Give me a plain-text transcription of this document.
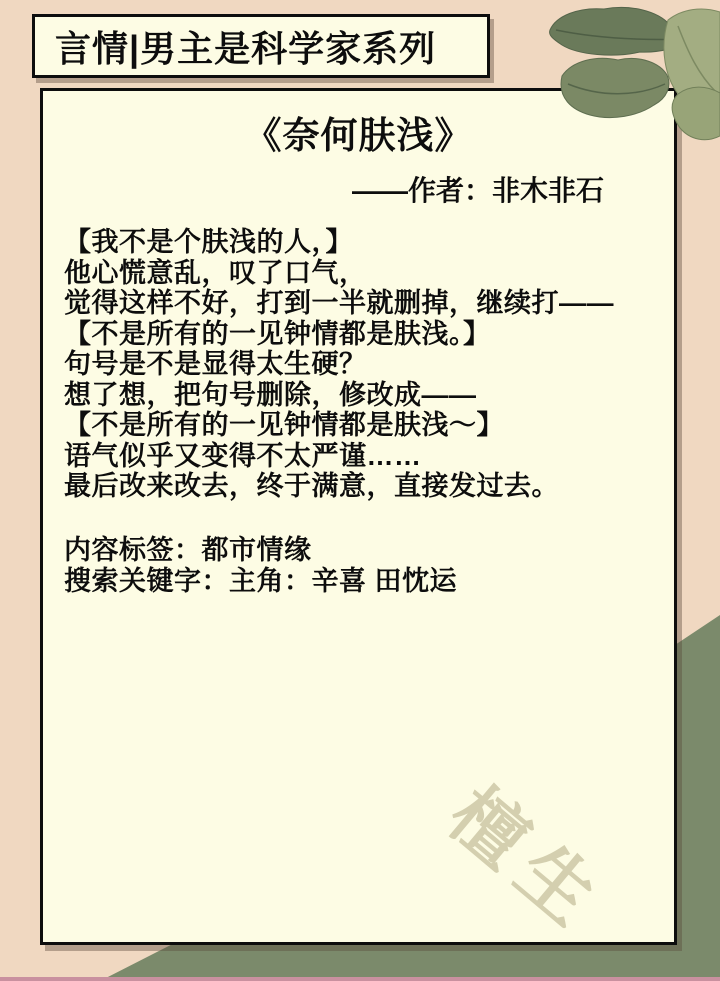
《奈何肤浅》
——作者：非木非石
【我不是个肤浅的人，】
他心慌意乱，叹了口气，
觉得这样不好，打到一半就删掉，继续打——
【不是所有的一见钟情都是肤浅。】
句号是不是显得太生硬？
想了想，把句号删除，修改成——
【不是所有的一见钟情都是肤浅～】
语气似乎又变得不太严谨……
最后改来改去，终于满意，直接发过去。
内容标签：都市情缘
搜索关键字：主角：辛喜 田忱运
檀生
言情|男主是科学家系列
